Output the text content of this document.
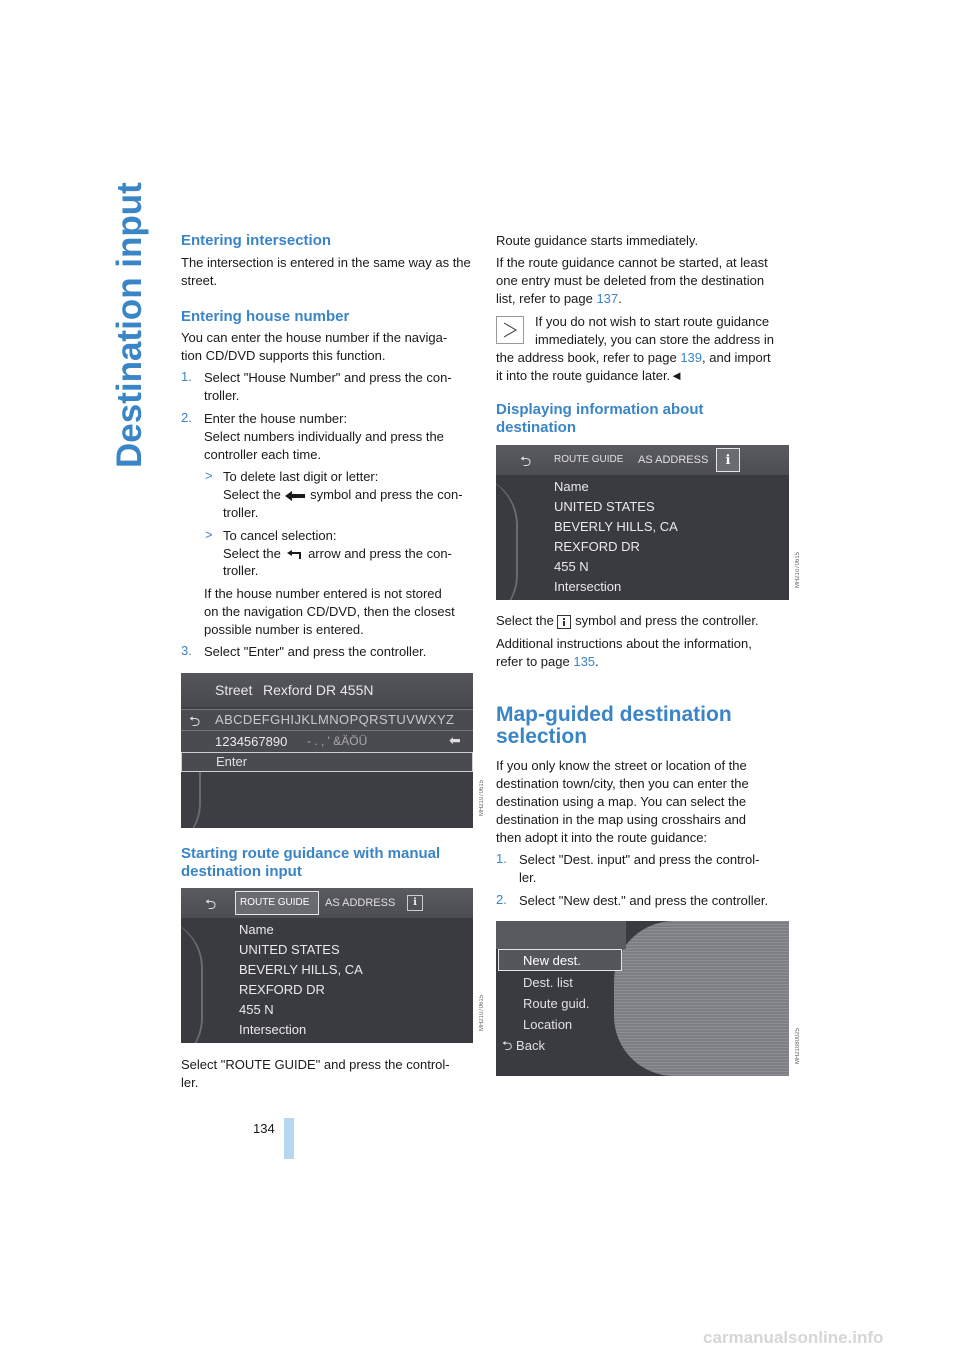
Destination input Entering intersection

The intersection is entered in the same way as the street.

Entering house number

You can enter the house number if the naviga-

tion CD/DVD supports this function.

1. Select "House Number" and press the con-
troller.
2. Enter the house number:
Select numbers individually and press the
controller each time.
> To delete last digit or letter:
Select the symbol and press the con-
troller.
> To cancel selection:
Select the arrow and press the con-
troller.

If the house number entered is not stored

on the navigation CD/DVD, then the closest

possible number is entered.

3. Select "Enter" and press the controller.
Street Rexford DR 455N
⮌ ABCDEFGHIJKLMNOPQRSTUVWXYZ
1234567890 - . , ' &ÄÖÜ	⬅
Enter
MH21070615
Starting route guidance with manual
destination input
⮌ ROUTE GUIDE AS ADDRESS	ℹ
Name
UNITED STATES
BEVERLY HILLS, CA
REXFORD DR
455 N
Intersection	MH21070615

Select "ROUTE GUIDE" and press the control-

ler.

Route guidance starts immediately.

If the route guidance cannot be started, at least

one entry must be deleted from the destination

list, refer to page 137.

If you do not wish to start route guidance

immediately, you can store the address in

the address book, refer to page 139, and import

it into the route guidance later.◄

Displaying information about
destination
⮌ ROUTE GUIDE AS ADDRESS	ℹ
Name
UNITED STATES
BEVERLY HILLS, CA
REXFORD DR
455 N
Intersection	MH21070615

Select the symbol and press the controller.

Additional instructions about the information,

refer to page 135.

Map-guided destination
selection

If you only know the street or location of the

destination town/city, then you can enter the

destination using a map. You can select the

destination in the map using crosshairs and

then adopt it into the route guidance:

1. Select "Dest. input" and press the control-
ler.
2. Select "New dest." and press the controller.
New dest.
Dest. list
Route guid.
Location
⮌ Back	MH21080025
134
carmanualsonline.info
